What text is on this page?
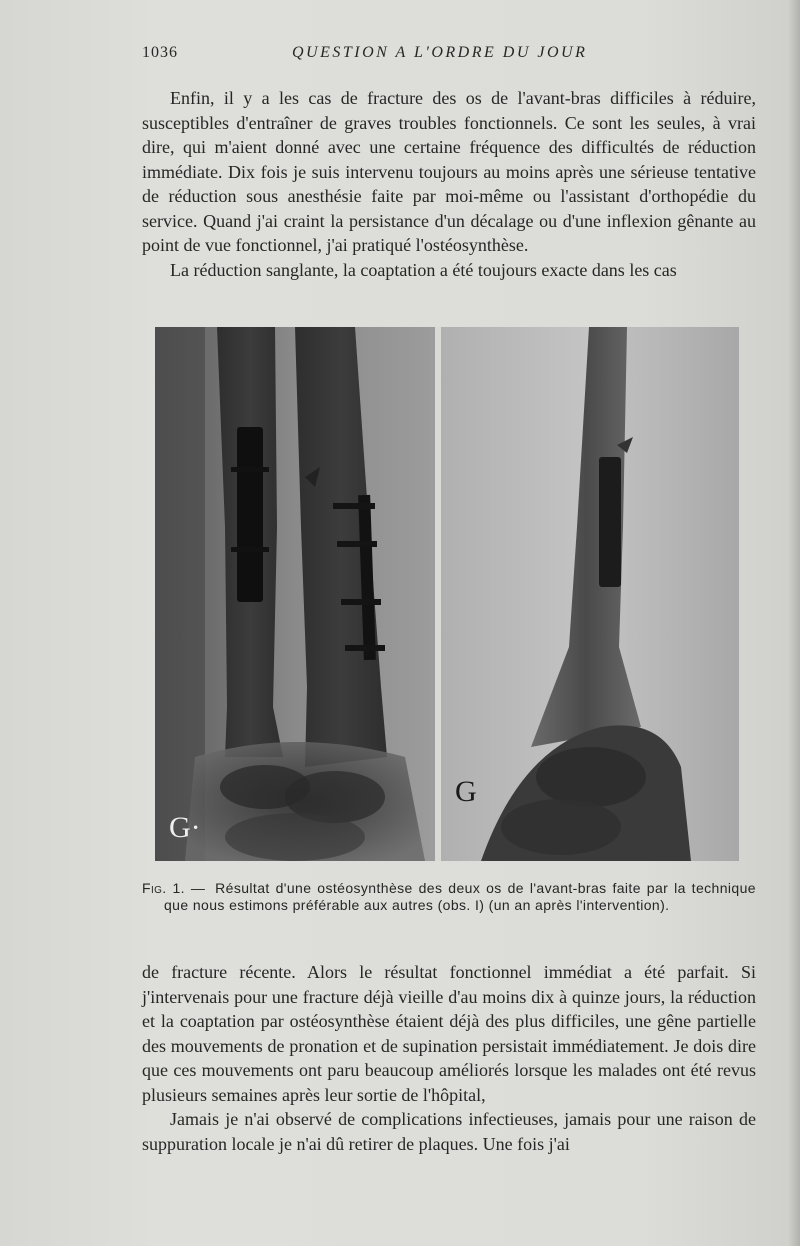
1036	QUESTION A L'ORDRE DU JOUR

Enfin, il y a les cas de fracture des os de l'avant-bras difficiles à réduire, susceptibles d'entraîner de graves troubles fonctionnels. Ce sont les seules, à vrai dire, qui m'aient donné avec une certaine fréquence des difficultés de réduction immédiate. Dix fois je suis intervenu toujours au moins après une sérieuse tentative de réduction sous anesthésie faite par moi-même ou l'assistant d'orthopédie du service. Quand j'ai craint la persistance d'un décalage ou d'une inflexion gênante au point de vue fonctionnel, j'ai pratiqué l'ostéosynthèse.

La réduction sanglante, la coaptation a été toujours exacte dans les cas

G·
G
Fig. 1. — Résultat d'une ostéosynthèse des deux os de l'avant-bras faite par la technique que nous estimons préférable aux autres (obs. I) (un an après l'intervention).

de fracture récente. Alors le résultat fonctionnel immédiat a été parfait. Si j'intervenais pour une fracture déjà vieille d'au moins dix à quinze jours, la réduction et la coaptation par ostéosynthèse étaient déjà des plus difficiles, une gêne partielle des mouvements de pronation et de supination persistait immédiatement. Je dois dire que ces mouvements ont paru beaucoup améliorés lorsque les malades ont été revus plusieurs semaines après leur sortie de l'hôpital,

Jamais je n'ai observé de complications infectieuses, jamais pour une raison de suppuration locale je n'ai dû retirer de plaques. Une fois j'ai
